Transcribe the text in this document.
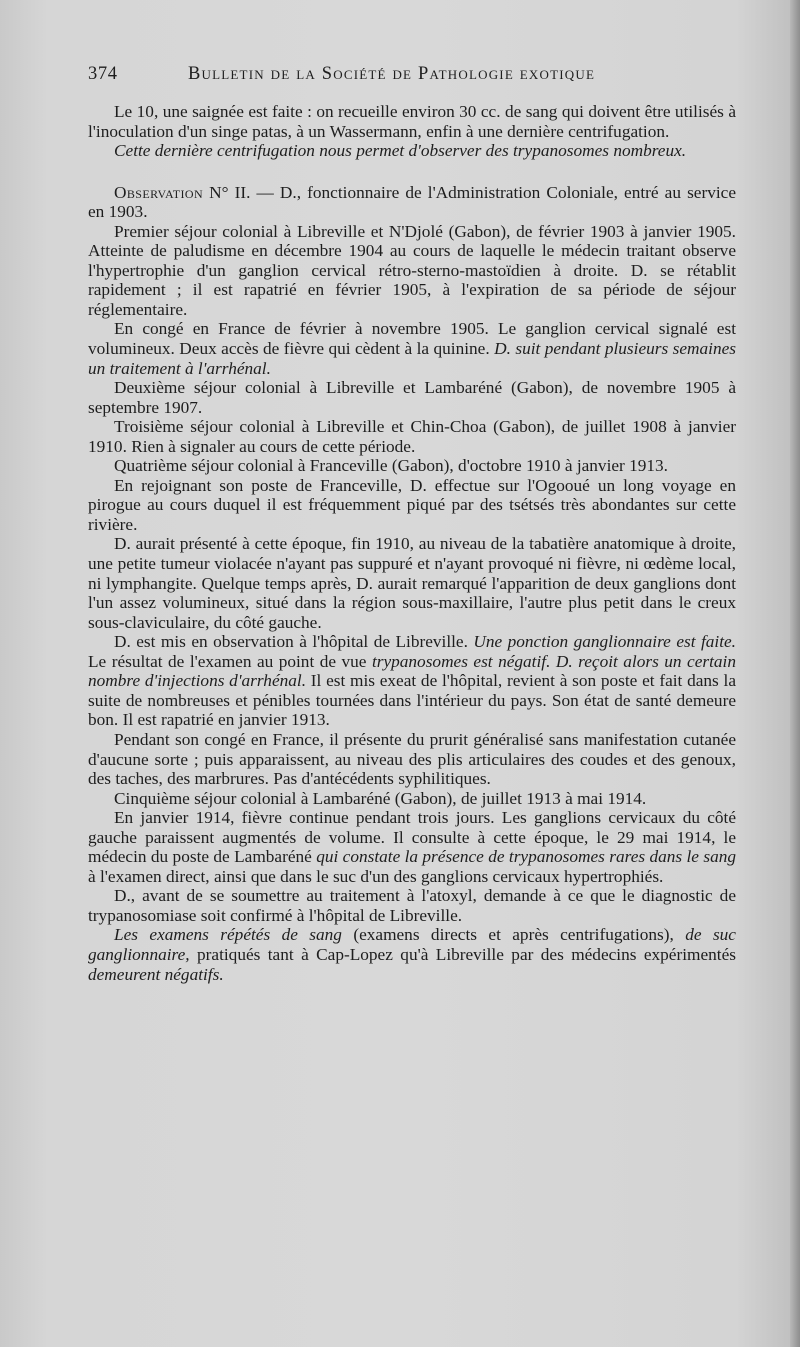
374	Bulletin de la Société de Pathologie exotique

Le 10, une saignée est faite : on recueille environ 30 cc. de sang qui doivent être utilisés à l'inoculation d'un singe patas, à un Wassermann, enfin à une dernière centrifugation.

Cette dernière centrifugation nous permet d'observer des trypanosomes nombreux.

Observation N° II. — D., fonctionnaire de l'Administration Coloniale, entré au service en 1903.

Premier séjour colonial à Libreville et N'Djolé (Gabon), de février 1903 à janvier 1905. Atteinte de paludisme en décembre 1904 au cours de laquelle le médecin traitant observe l'hypertrophie d'un ganglion cervical rétro-sterno-mastoïdien à droite. D. se rétablit rapidement ; il est rapatrié en février 1905, à l'expiration de sa période de séjour réglementaire.

En congé en France de février à novembre 1905. Le ganglion cervical signalé est volumineux. Deux accès de fièvre qui cèdent à la quinine. D. suit pendant plusieurs semaines un traitement à l'arrhénal.

Deuxième séjour colonial à Libreville et Lambaréné (Gabon), de novembre 1905 à septembre 1907.

Troisième séjour colonial à Libreville et Chin-Choa (Gabon), de juillet 1908 à janvier 1910. Rien à signaler au cours de cette période.

Quatrième séjour colonial à Franceville (Gabon), d'octobre 1910 à janvier 1913.

En rejoignant son poste de Franceville, D. effectue sur l'Ogooué un long voyage en pirogue au cours duquel il est fréquemment piqué par des tsétsés très abondantes sur cette rivière.

D. aurait présenté à cette époque, fin 1910, au niveau de la tabatière anatomique à droite, une petite tumeur violacée n'ayant pas suppuré et n'ayant provoqué ni fièvre, ni œdème local, ni lymphangite. Quelque temps après, D. aurait remarqué l'apparition de deux ganglions dont l'un assez volumineux, situé dans la région sous-maxillaire, l'autre plus petit dans le creux sous-claviculaire, du côté gauche.

D. est mis en observation à l'hôpital de Libreville. Une ponction ganglionnaire est faite. Le résultat de l'examen au point de vue trypanosomes est négatif. D. reçoit alors un certain nombre d'injections d'arrhénal. Il est mis exeat de l'hôpital, revient à son poste et fait dans la suite de nombreuses et pénibles tournées dans l'intérieur du pays. Son état de santé demeure bon. Il est rapatrié en janvier 1913.

Pendant son congé en France, il présente du prurit généralisé sans manifestation cutanée d'aucune sorte ; puis apparaissent, au niveau des plis articulaires des coudes et des genoux, des taches, des marbrures. Pas d'antécédents syphilitiques.

Cinquième séjour colonial à Lambaréné (Gabon), de juillet 1913 à mai 1914.

En janvier 1914, fièvre continue pendant trois jours. Les ganglions cervicaux du côté gauche paraissent augmentés de volume. Il consulte à cette époque, le 29 mai 1914, le médecin du poste de Lambaréné qui constate la présence de trypanosomes rares dans le sang à l'examen direct, ainsi que dans le suc d'un des ganglions cervicaux hypertrophiés.

D., avant de se soumettre au traitement à l'atoxyl, demande à ce que le diagnostic de trypanosomiase soit confirmé à l'hôpital de Libreville.

Les examens répétés de sang (examens directs et après centrifugations), de suc ganglionnaire, pratiqués tant à Cap-Lopez qu'à Libreville par des médecins expérimentés demeurent négatifs.
